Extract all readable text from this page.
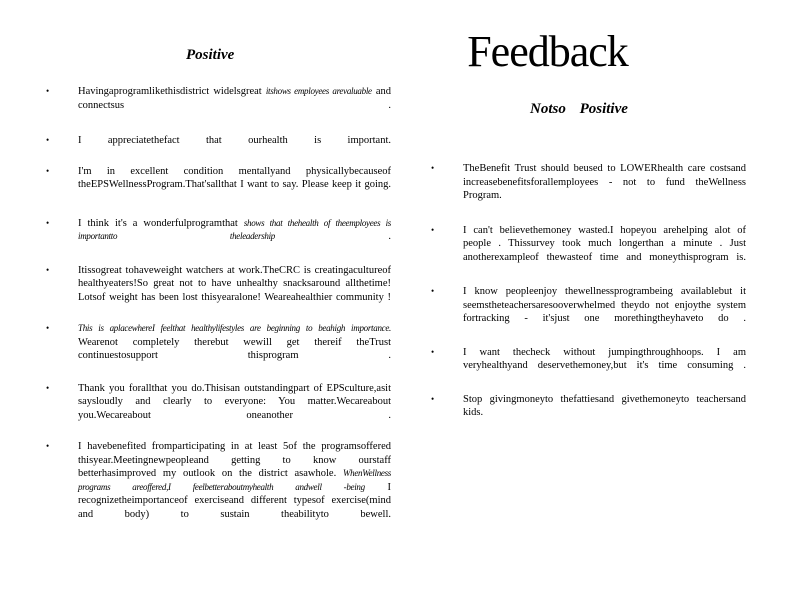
Feedback
Positive
•	Havingaprogramlikethisdistrict widelsgreat itshows employees arevaluable and connectsus .
•	I appreciatethefact that ourhealth is important.
•	I'm in excellent condition mentallyand physicallybecauseof theEPSWellnessProgram.That'sallthat I want to say. Please keep it going.
•	I think it's a wonderfulprogramthat shows that thehealth of theemployees is importantto theleadership .
•	Itissogreat tohaveweight watchers at work.TheCRC is creatingacultureof healthyeaters!So great not to have unhealthy snacksaround allthetime! Lotsof weight has been lost thisyearalone! Weareahealthier community !
•	This is aplacewhereI feelthat healthylifestyles are beginning to beahigh importance. Wearenot completely therebut wewill get thereif theTrust continuestosupport thisprogram .
•	Thank you forallthat you do.Thisisan outstandingpart of EPSculture,asit saysloudly and clearly to everyone: You matter.Wecareabout you.Wecareabout oneanother .
•	I havebenefited fromparticipating in at least 5of the programsoffered thisyear.Meetingnewpeopleand getting to know ourstaff betterhasimproved my outlook on the district asawhole. WhenWellness programs areoffered,I feelbetteraboutmyhealth andwell -being I recognizetheimportanceof exerciseand different typesof exercise(mind and body) to sustain theabilityto bewell.
Notso Positive
•	TheBenefit Trust should beused to LOWERhealth care costsand increasebenefitsforallemployees - not to fund theWellness Program.
•	I can't believethemoney wasted.I hopeyou arehelping alot of people . Thissurvey took much longerthan a minute . Just anotherexampleof thewasteof time and moneythisprogram is.
•	I know peopleenjoy thewellnessprogrambeing availablebut it seemstheteachersaresooverwhelmed theydo not enjoythe system fortracking - it'sjust one morethingtheyhaveto do .
•	I want thecheck without jumpingthroughhoops. I am veryhealthyand deservethemoney,but it's time consuming .
•	Stop givingmoneyto thefattiesand givethemoneyto teachersand kids.
